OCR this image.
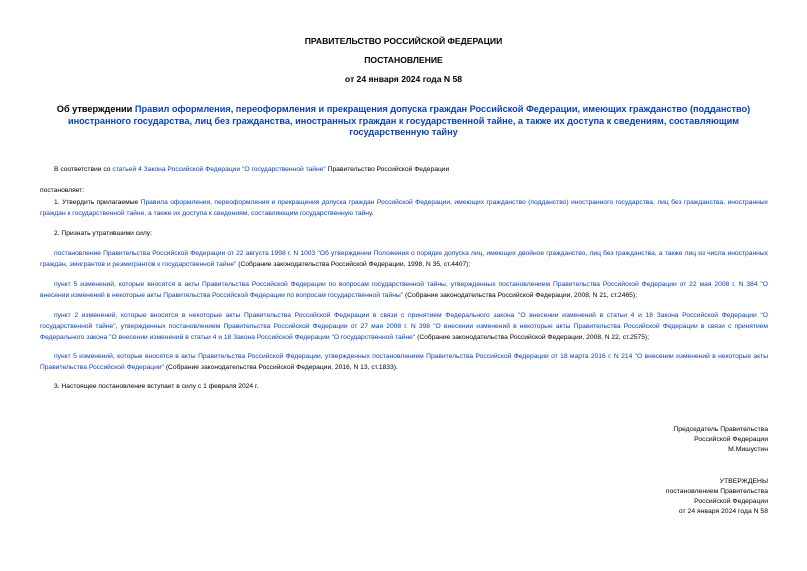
ПРАВИТЕЛЬСТВО РОССИЙСКОЙ ФЕДЕРАЦИИ
ПОСТАНОВЛЕНИЕ
от 24 января 2024 года N 58
Об утверждении Правил оформления, переоформления и прекращения допуска граждан Российской Федерации, имеющих гражданство (подданство) иностранного государства, лиц без гражданства, иностранных граждан к государственной тайне, а также их доступа к сведениям, составляющим государственную тайну
В соответствии со статьей 4 Закона Российской Федерации "О государственной тайне" Правительство Российской Федерации
постановляет:
1. Утвердить прилагаемые Правила оформления, переоформления и прекращения допуска граждан Российской Федерации, имеющих гражданство (подданство) иностранного государства, лиц без гражданства, иностранных граждан к государственной тайне, а также их доступа к сведениям, составляющим государственную тайну.
2. Признать утратившими силу:
постановление Правительства Российской Федерации от 22 августа 1998 г. N 1003 "Об утверждении Положения о порядке допуска лиц, имеющих двойное гражданство, лиц без гражданства, а также лиц из числа иностранных граждан, эмигрантов и реэмигрантов к государственной тайне" (Собрание законодательства Российской Федерации, 1998, N 35, ст.4407);
пункт 5 изменений, которые вносятся в акты Правительства Российской Федерации по вопросам государственной тайны, утвержденных постановлением Правительства Российской Федерации от 22 мая 2008 г. N 384 "О внесении изменений в некоторые акты Правительства Российской Федерации по вопросам государственной тайны" (Собрание законодательства Российской Федерации, 2008, N 21, ст.2465);
пункт 2 изменений, которые вносятся в некоторые акты Правительства Российской Федерации в связи с принятием Федерального закона "О внесении изменений в статьи 4 и 18 Закона Российской Федерации "О государственной тайне", утвержденных постановлением Правительства Российской Федерации от 27 мая 2008 г. N 398 "О внесении изменений в некоторые акты Правительства Российской Федерации в связи с принятием Федерального закона "О внесении изменений в статьи 4 и 18 Закона Российской Федерации "О государственной тайне" (Собрание законодательства Российской Федерации, 2008, N 22, ст.2575);
пункт 5 изменений, которые вносятся в акты Правительства Российской Федерации, утвержденных постановлением Правительства Российской Федерации от 18 марта 2016 г. N 214 "О внесении изменений в некоторые акты Правительства Российской Федерации" (Собрание законодательства Российской Федерации, 2016, N 13, ст.1833).
3. Настоящее постановление вступает в силу с 1 февраля 2024 г.
Председатель Правительства
Российской Федерации
М.Мишустин
УТВЕРЖДЕНЫ
постановлением Правительства
Российской Федерации
от 24 января 2024 года N 58
